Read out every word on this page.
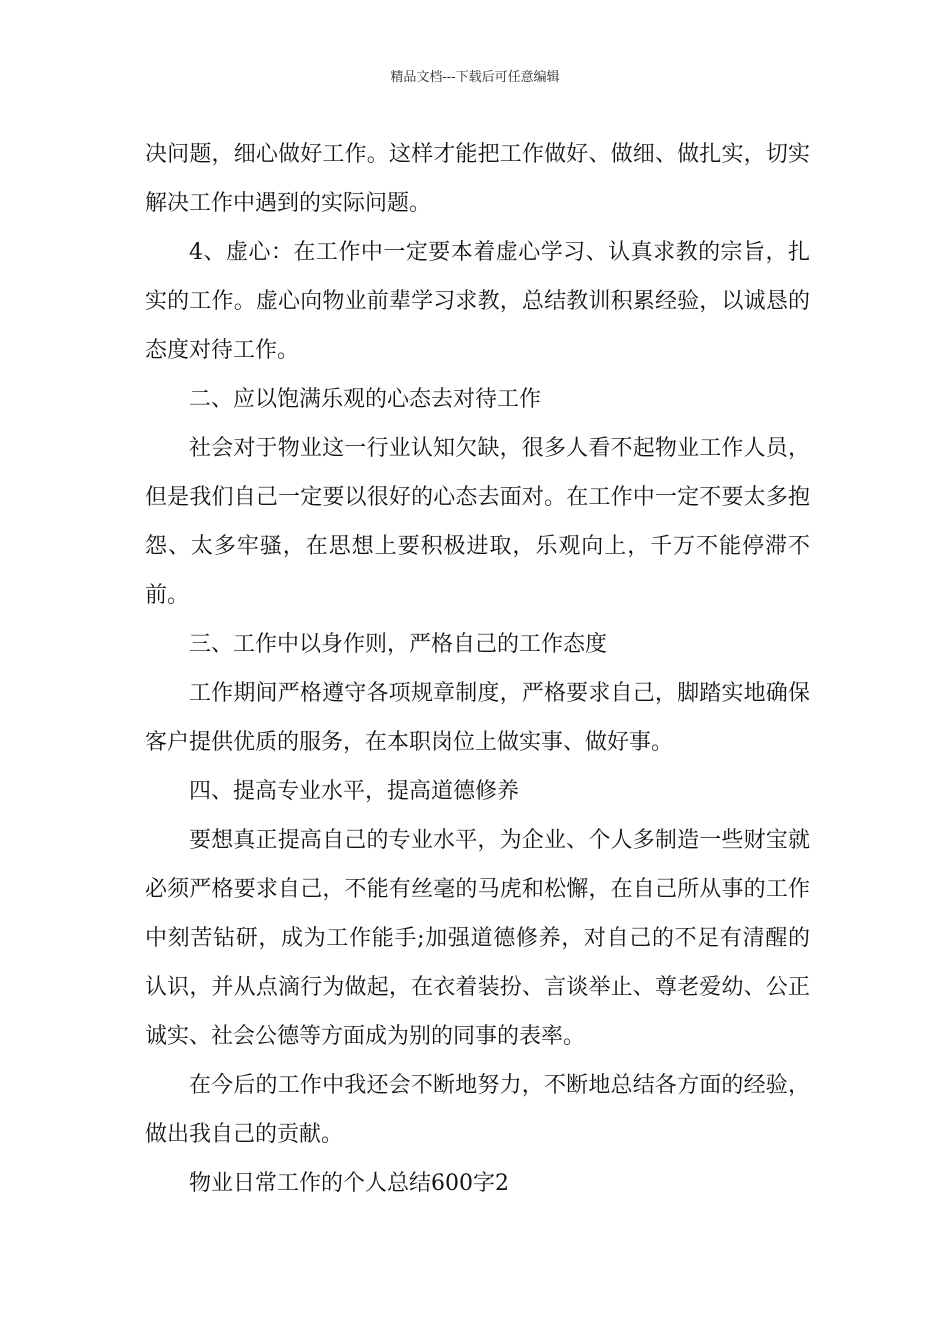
精品文档---下载后可任意编辑

决问题，细心做好工作。这样才能把工作做好、做细、做扎实，切实解决工作中遇到的实际问题。

4、虚心：在工作中一定要本着虚心学习、认真求教的宗旨，扎实的工作。虚心向物业前辈学习求教，总结教训积累经验，以诚恳的态度对待工作。

二、应以饱满乐观的心态去对待工作

社会对于物业这一行业认知欠缺，很多人看不起物业工作人员，但是我们自己一定要以很好的心态去面对。在工作中一定不要太多抱怨、太多牢骚，在思想上要积极进取，乐观向上，千万不能停滞不前。

三、工作中以身作则，严格自己的工作态度

工作期间严格遵守各项规章制度，严格要求自己，脚踏实地确保客户提供优质的服务，在本职岗位上做实事、做好事。

四、提高专业水平，提高道德修养

要想真正提高自己的专业水平，为企业、个人多制造一些财宝就必须严格要求自己，不能有丝毫的马虎和松懈，在自己所从事的工作中刻苦钻研，成为工作能手;加强道德修养，对自己的不足有清醒的认识，并从点滴行为做起，在衣着装扮、言谈举止、尊老爱幼、公正诚实、社会公德等方面成为别的同事的表率。

在今后的工作中我还会不断地努力，不断地总结各方面的经验，做出我自己的贡献。

物业日常工作的个人总结600字2
